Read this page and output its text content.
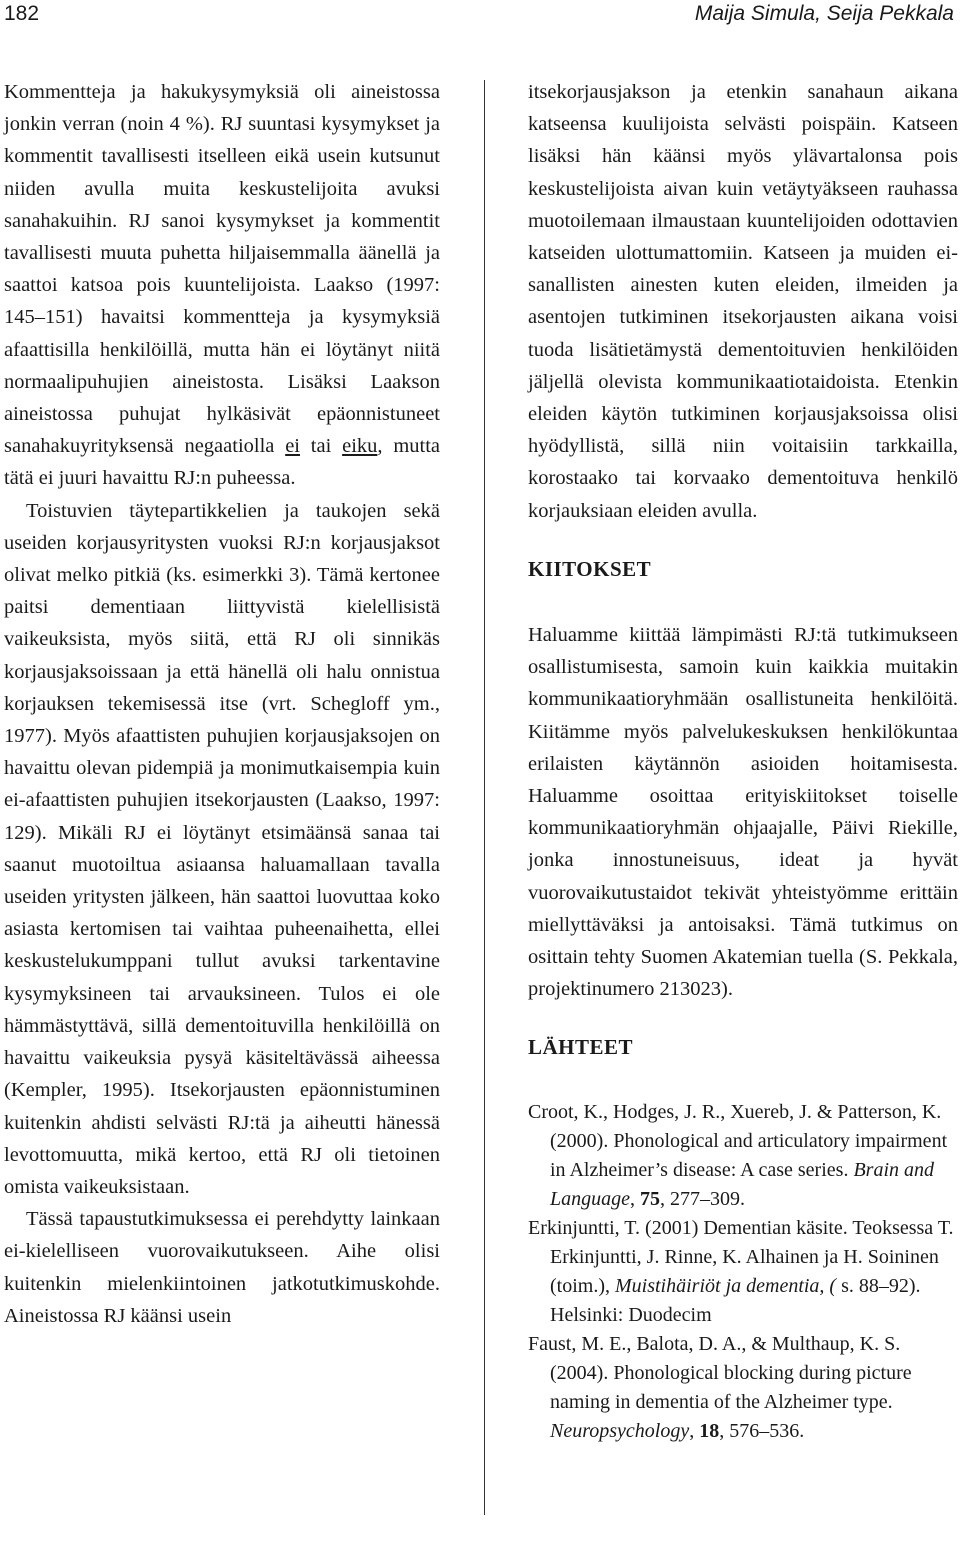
182	Maija Simula, Seija Pekkala

Kommentteja ja hakukysymyksiä oli aineistossa jonkin verran (noin 4 %). RJ suuntasi kysymykset ja kommentit tavallisesti itselleen eikä usein kutsunut niiden avulla muita keskustelijoita avuksi sanahakuihin. RJ sanoi kysymykset ja kommentit tavallisesti muuta puhetta hiljaisemmalla äänellä ja saattoi katsoa pois kuuntelijoista. Laakso (1997: 145–151) havaitsi kommentteja ja kysymyksiä afaattisilla henkilöillä, mutta hän ei löytänyt niitä normaalipuhujien aineistosta. Lisäksi Laakson aineistossa puhujat hylkäsivät epäonnistuneet sanahakuyrityksensä negaatiolla ei tai eiku, mutta tätä ei juuri havaittu RJ:n puheessa.

Toistuvien täytepartikkelien ja taukojen sekä useiden korjausyritysten vuoksi RJ:n korjausjaksot olivat melko pitkiä (ks. esimerkki 3). Tämä kertonee paitsi dementiaan liittyvistä kielellisistä vaikeuksista, myös siitä, että RJ oli sinnikäs korjausjaksoissaan ja että hänellä oli halu onnistua korjauksen tekemisessä itse (vrt. Schegloff ym., 1977). Myös afaattisten puhujien korjausjaksojen on havaittu olevan pidempiä ja monimutkaisempia kuin ei-afaattisten puhujien itsekorjausten (Laakso, 1997: 129). Mikäli RJ ei löytänyt etsimäänsä sanaa tai saanut muotoiltua asiaansa haluamallaan tavalla useiden yritysten jälkeen, hän saattoi luovuttaa koko asiasta kertomisen tai vaihtaa puheenaihetta, ellei keskustelukumppani tullut avuksi tarkentavine kysymyksineen tai arvauksineen. Tulos ei ole hämmästyttävä, sillä dementoituvilla henkilöillä on havaittu vaikeuksia pysyä käsiteltävässä aiheessa (Kempler, 1995). Itsekorjausten epäonnistuminen kuitenkin ahdisti selvästi RJ:tä ja aiheutti hänessä levottomuutta, mikä kertoo, että RJ oli tietoinen omista vaikeuksistaan.

Tässä tapaustutkimuksessa ei perehdytty lainkaan ei-kielelliseen vuorovaikutukseen. Aihe olisi kuitenkin mielenkiintoinen jatkotutkimuskohde. Aineistossa RJ käänsi usein

itsekorjausjakson ja etenkin sanahaun aikana katseensa kuulijoista selvästi poispäin. Katseen lisäksi hän käänsi myös ylävartalonsa pois keskustelijoista aivan kuin vetäytyäkseen rauhassa muotoilemaan ilmaustaan kuuntelijoiden odottavien katseiden ulottumattomiin. Katseen ja muiden ei-sanallisten ainesten kuten eleiden, ilmeiden ja asentojen tutkiminen itsekorjausten aikana voisi tuoda lisätietämystä dementoituvien henkilöiden jäljellä olevista kommunikaatiotaidoista. Etenkin eleiden käytön tutkiminen korjausjaksoissa olisi hyödyllistä, sillä niin voitaisiin tarkkailla, korostaako tai korvaako dementoituva henkilö korjauksiaan eleiden avulla.

KIITOKSET

Haluamme kiittää lämpimästi RJ:tä tutkimukseen osallistumisesta, samoin kuin kaikkia muitakin kommunikaatioryhmään osallistuneita henkilöitä. Kiitämme myös palvelukeskuksen henkilökuntaa erilaisten käytännön asioiden hoitamisesta. Haluamme osoittaa erityiskiitokset toiselle kommunikaatioryhmän ohjaajalle, Päivi Riekille, jonka innostuneisuus, ideat ja hyvät vuorovaikutustaidot tekivät yhteistyömme erittäin miellyttäväksi ja antoisaksi. Tämä tutkimus on osittain tehty Suomen Akatemian tuella (S. Pekkala, projektinumero 213023).

LÄHTEET
Croot, K., Hodges, J. R., Xuereb, J. & Patterson, K. (2000). Phonological and articulatory impairment in Alzheimer’s disease: A case series. Brain and Language, 75, 277–309.
Erkinjuntti, T. (2001) Dementian käsite. Teoksessa T. Erkinjuntti, J. Rinne, K. Alhainen ja H. Soininen (toim.), Muistihäiriöt ja dementia, ( s. 88–92). Helsinki: Duodecim
Faust, M. E., Balota, D. A., & Multhaup, K. S. (2004). Phonological blocking during picture naming in dementia of the Alzheimer type. Neuropsychology, 18, 576–536.
